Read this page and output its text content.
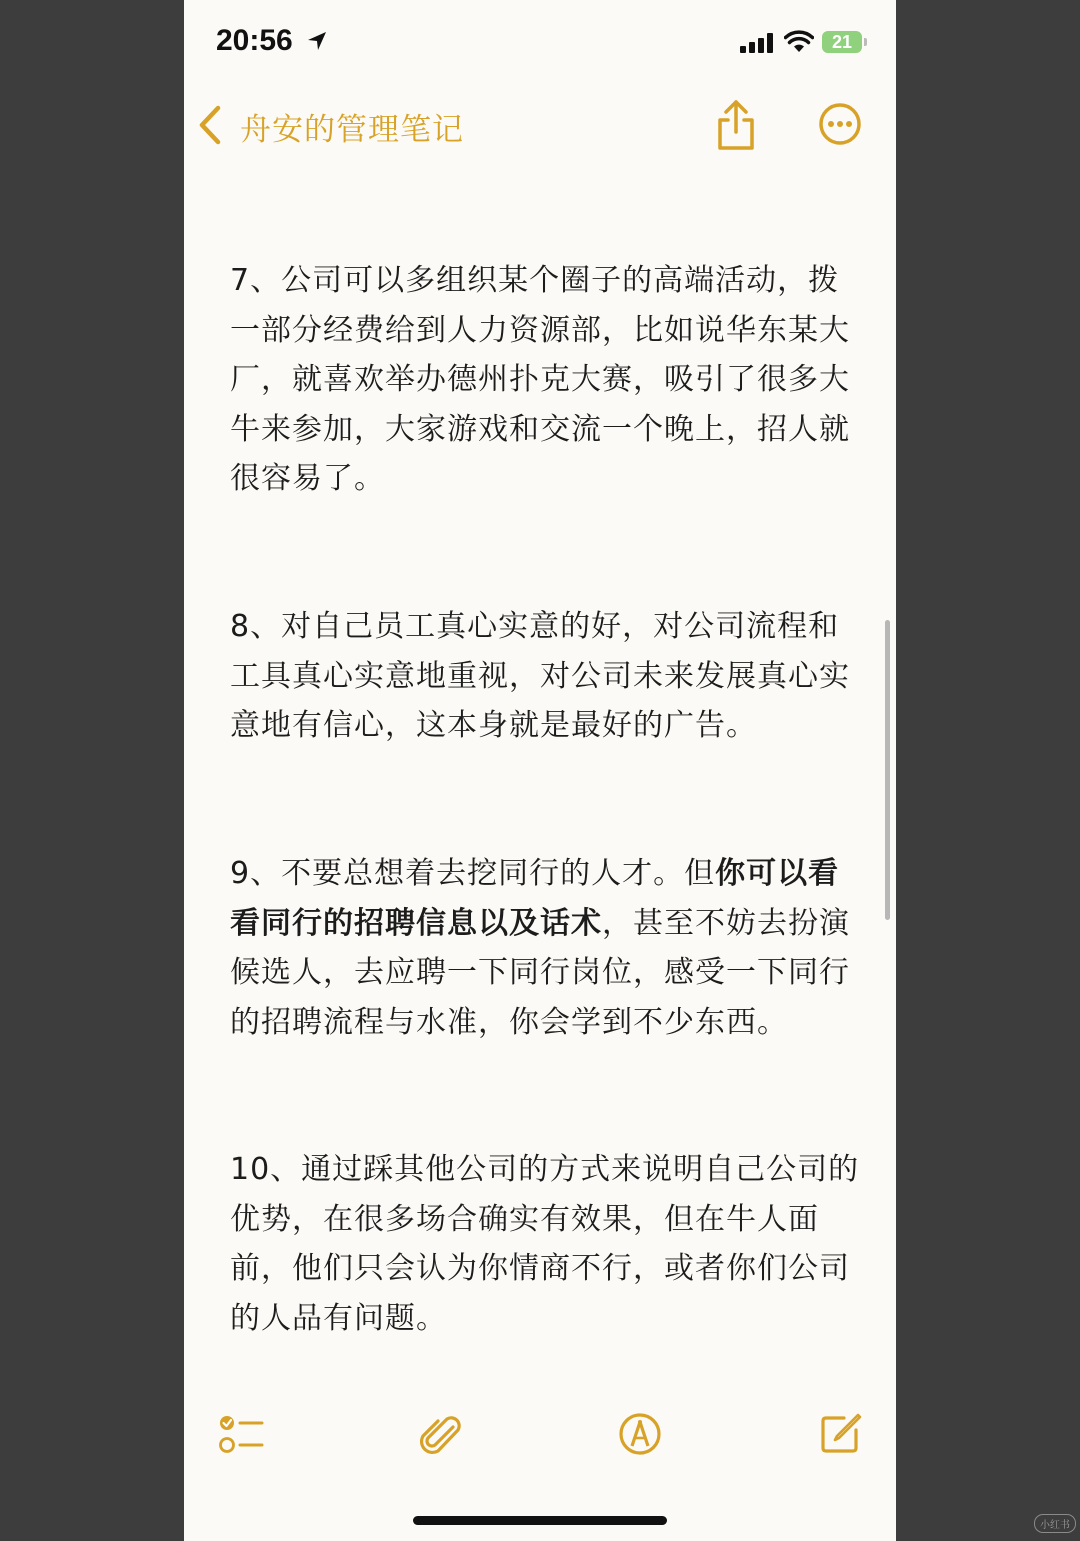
20:56	21
舟安的管理笔记
7、公司可以多组织某个圈子的高端活动，拨一部分经费给到人力资源部，比如说华东某大厂，就喜欢举办德州扑克大赛，吸引了很多大牛来参加，大家游戏和交流一个晚上，招人就很容易了。
8、对自己员工真心实意的好，对公司流程和工具真心实意地重视，对公司未来发展真心实意地有信心，这本身就是最好的广告。
9、不要总想着去挖同行的人才。但你可以看看同行的招聘信息以及话术，甚至不妨去扮演候选人，去应聘一下同行岗位，感受一下同行的招聘流程与水准，你会学到不少东西。
10、通过踩其他公司的方式来说明自己公司的优势，在很多场合确实有效果，但在牛人面前，他们只会认为你情商不行，或者你们公司的人品有问题。
小红书
